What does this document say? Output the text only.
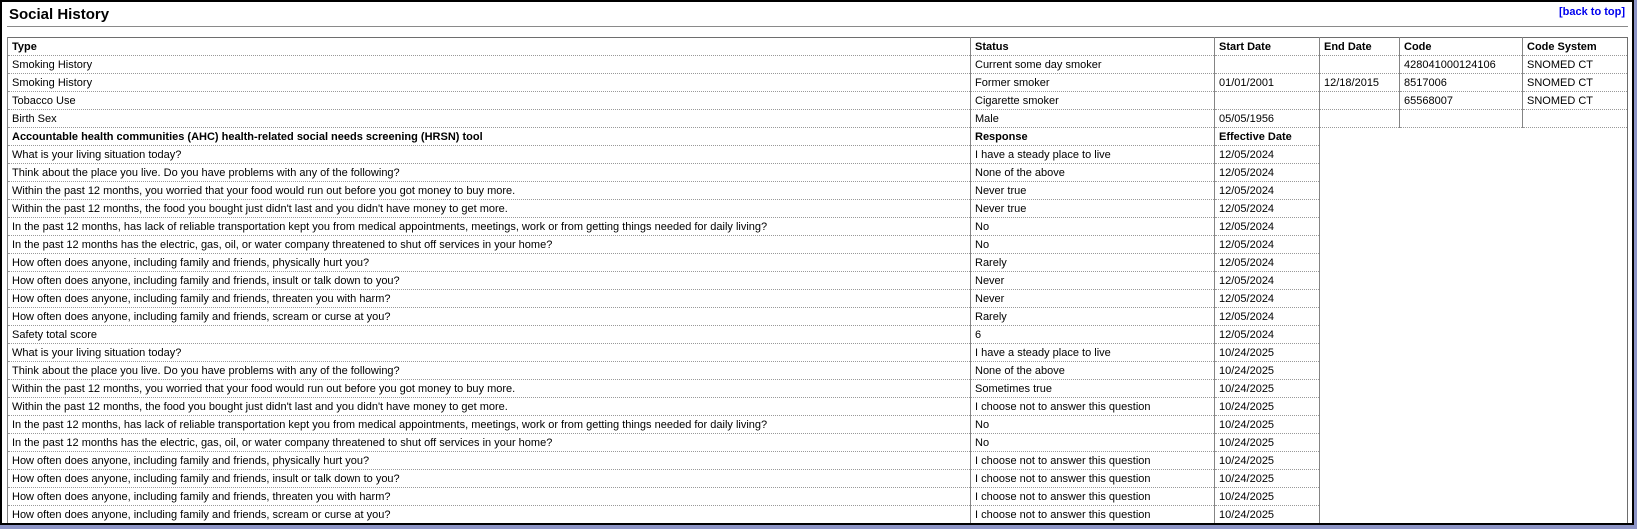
Social History	[back to top]
Type	Status	Start Date	End Date	Code	Code System
Smoking History	Current some day smoker			428041000124106	SNOMED CT
Smoking History	Former smoker	01/01/2001	12/18/2015	8517006	SNOMED CT
Tobacco Use	Cigarette smoker			65568007	SNOMED CT
Birth Sex	Male	05/05/1956			
Accountable health communities (AHC) health-related social needs screening (HRSN) tool	Response	Effective Date			
What is your living situation today?	I have a steady place to live	12/05/2024			
Think about the place you live. Do you have problems with any of the following?	None of the above	12/05/2024			
Within the past 12 months, you worried that your food would run out before you got money to buy more.	Never true	12/05/2024			
Within the past 12 months, the food you bought just didn't last and you didn't have money to get more.	Never true	12/05/2024			
In the past 12 months, has lack of reliable transportation kept you from medical appointments, meetings, work or from getting things needed for daily living?	No	12/05/2024			
In the past 12 months has the electric, gas, oil, or water company threatened to shut off services in your home?	No	12/05/2024			
How often does anyone, including family and friends, physically hurt you?	Rarely	12/05/2024			
How often does anyone, including family and friends, insult or talk down to you?	Never	12/05/2024			
How often does anyone, including family and friends, threaten you with harm?	Never	12/05/2024			
How often does anyone, including family and friends, scream or curse at you?	Rarely	12/05/2024			
Safety total score	6	12/05/2024			
What is your living situation today?	I have a steady place to live	10/24/2025			
Think about the place you live. Do you have problems with any of the following?	None of the above	10/24/2025			
Within the past 12 months, you worried that your food would run out before you got money to buy more.	Sometimes true	10/24/2025			
Within the past 12 months, the food you bought just didn't last and you didn't have money to get more.	I choose not to answer this question	10/24/2025			
In the past 12 months, has lack of reliable transportation kept you from medical appointments, meetings, work or from getting things needed for daily living?	No	10/24/2025			
In the past 12 months has the electric, gas, oil, or water company threatened to shut off services in your home?	No	10/24/2025			
How often does anyone, including family and friends, physically hurt you?	I choose not to answer this question	10/24/2025			
How often does anyone, including family and friends, insult or talk down to you?	I choose not to answer this question	10/24/2025			
How often does anyone, including family and friends, threaten you with harm?	I choose not to answer this question	10/24/2025			
How often does anyone, including family and friends, scream or curse at you?	I choose not to answer this question	10/24/2025			
